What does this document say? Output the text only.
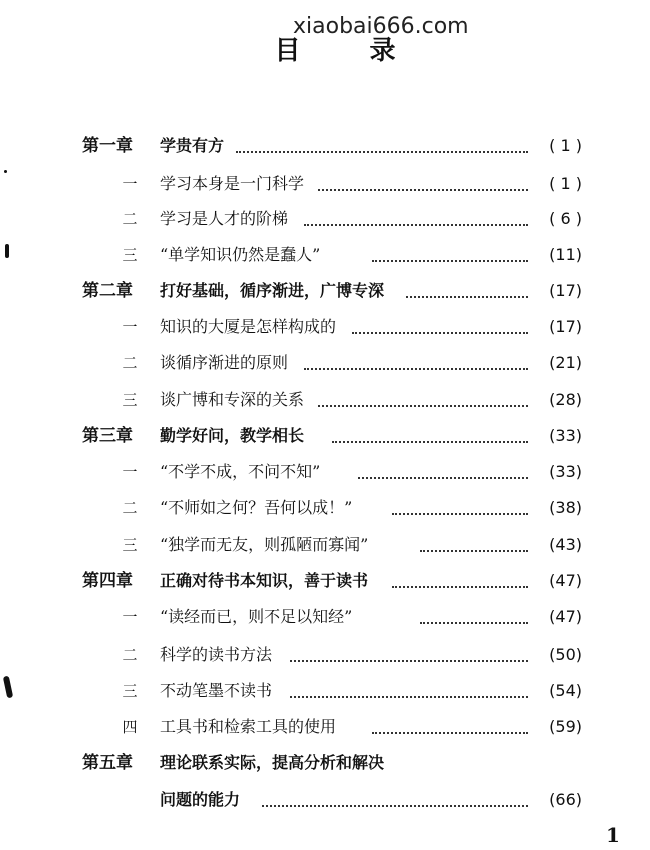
xiaobai666.com
目 录
第一章	学贵有方	( 1 )
一 学习本身是一门科学	( 1 )
二 学习是人才的阶梯	( 6 )
三 “单学知识仍然是蠢人”	(11)
第二章	打好基础，循序渐进，广博专深	(17)
一 知识的大厦是怎样构成的	(17)
二 谈循序渐进的原则	(21)
三 谈广博和专深的关系	(28)
第三章	勤学好问，教学相长	(33)
一 “不学不成，不问不知”	(33)
二 “不师如之何？吾何以成！”	(38)
三 “独学而无友，则孤陋而寡闻”	(43)
第四章	正确对待书本知识，善于读书	(47)
一 “读经而已，则不足以知经”	(47)
二 科学的读书方法	(50)
三 不动笔墨不读书	(54)
四 工具书和检索工具的使用	(59)
第五章	理论联系实际，提高分析和解决
问题的能力	(66)
1
